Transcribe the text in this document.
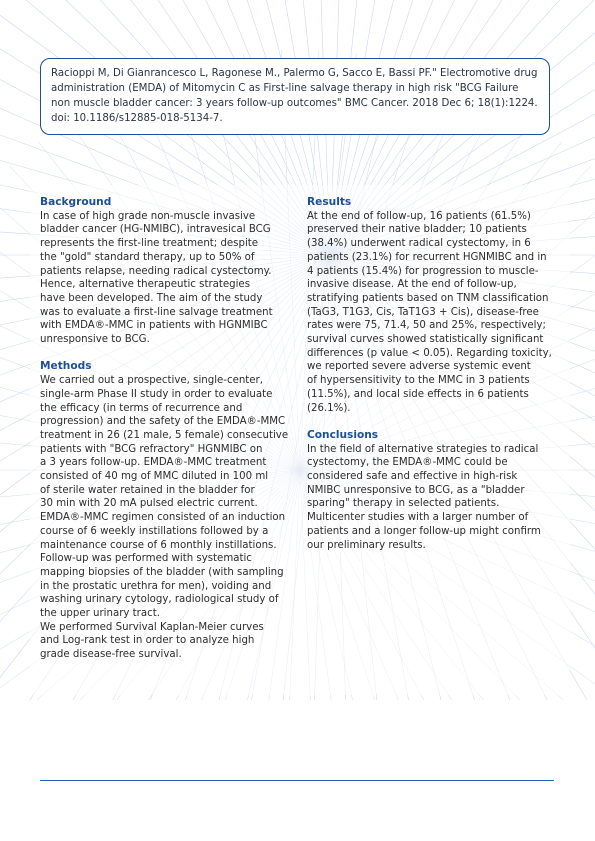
Racioppi M, Di Gianrancesco L, Ragonese M., Palermo G, Sacco E, Bassi PF." Electromotive drug
administration (EMDA) of Mitomycin C as First-line salvage therapy in high risk "BCG Failure
non muscle bladder cancer: 3 years follow-up outcomes" BMC Cancer. 2018 Dec 6; 18(1):1224.
doi: 10.1186/s12885-018-5134-7.
Background
In case of high grade non-muscle invasive
bladder cancer (HG-NMIBC), intravesical BCG
represents the first-line treatment; despite
the "gold" standard therapy, up to 50% of
patients relapse, needing radical cystectomy.
Hence, alternative therapeutic strategies
have been developed. The aim of the study
was to evaluate a first-line salvage treatment
with EMDA®-MMC in patients with HGNMIBC
unresponsive to BCG.
Methods
We carried out a prospective, single-center,
single-arm Phase II study in order to evaluate
the efficacy (in terms of recurrence and
progression) and the safety of the EMDA®-MMC
treatment in 26 (21 male, 5 female) consecutive
patients with "BCG refractory" HGNMIBC on
a 3 years follow-up. EMDA®-MMC treatment
consisted of 40 mg of MMC diluted in 100 ml
of sterile water retained in the bladder for
30 min with 20 mA pulsed electric current.
EMDA®-MMC regimen consisted of an induction
course of 6 weekly instillations followed by a
maintenance course of 6 monthly instillations.
Follow-up was performed with systematic
mapping biopsies of the bladder (with sampling
in the prostatic urethra for men), voiding and
washing urinary cytology, radiological study of
the upper urinary tract.
We performed Survival Kaplan-Meier curves
and Log-rank test in order to analyze high
grade disease-free survival.
Results
At the end of follow-up, 16 patients (61.5%)
preserved their native bladder; 10 patients
(38.4%) underwent radical cystectomy, in 6
patients (23.1%) for recurrent HGNMIBC and in
4 patients (15.4%) for progression to muscle-
invasive disease. At the end of follow-up,
stratifying patients based on TNM classification
(TaG3, T1G3, Cis, TaT1G3 + Cis), disease-free
rates were 75, 71.4, 50 and 25%, respectively;
survival curves showed statistically significant
differences (p value < 0.05). Regarding toxicity,
we reported severe adverse systemic event
of hypersensitivity to the MMC in 3 patients
(11.5%), and local side effects in 6 patients
(26.1%).
Conclusions
In the field of alternative strategies to radical
cystectomy, the EMDA®-MMC could be
considered safe and effective in high-risk
NMIBC unresponsive to BCG, as a "bladder
sparing" therapy in selected patients.
Multicenter studies with a larger number of
patients and a longer follow-up might confirm
our preliminary results.
